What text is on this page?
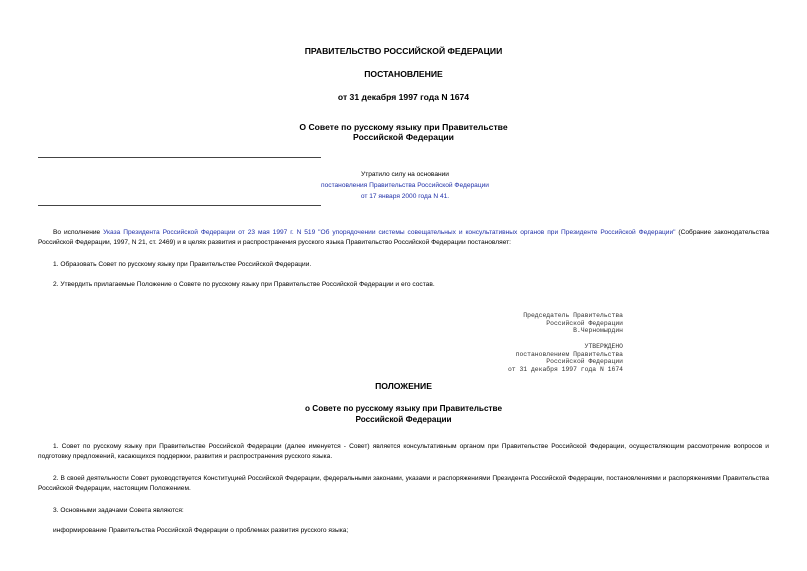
ПРАВИТЕЛЬСТВО РОССИЙСКОЙ ФЕДЕРАЦИИ
ПОСТАНОВЛЕНИЕ
от 31 декабря 1997 года N 1674
О Совете по русскому языку при Правительстве
Российской Федерации
Утратило силу на основании
постановления Правительства Российской Федерации
от 17 января 2000 года N 41.
Во исполнение Указа Президента Российской Федерации от 23 мая 1997 г. N 519 "Об упорядочении системы совещательных и консультативных органов при Президенте Российской Федерации" (Собрание законодательства Российской Федерации, 1997, N 21, ст. 2469) и в целях развития и распространения русского языка Правительство Российской Федерации постановляет:
1. Образовать Совет по русскому языку при Правительстве Российской Федерации.
2. Утвердить прилагаемые Положение о Совете по русскому языку при Правительстве Российской Федерации и его состав.
Председатель Правительства
Российской Федерации
В.Черномырдин
УТВЕРЖДЕНО
постановлением Правительства
Российской Федерации
от 31 декабря 1997 года N 1674
ПОЛОЖЕНИЕ
о Совете по русскому языку при Правительстве
Российской Федерации
1. Совет по русскому языку при Правительстве Российской Федерации (далее именуется - Совет) является консультативным органом при Правительстве Российской Федерации, осуществляющим рассмотрение вопросов и подготовку предложений, касающихся поддержки, развития и распространения русского языка.
2. В своей деятельности Совет руководствуется Конституцией Российской Федерации, федеральными законами, указами и распоряжениями Президента Российской Федерации, постановлениями и распоряжениями Правительства Российской Федерации, настоящим Положением.
3. Основными задачами Совета являются:
информирование Правительства Российской Федерации о проблемах развития русского языка;
